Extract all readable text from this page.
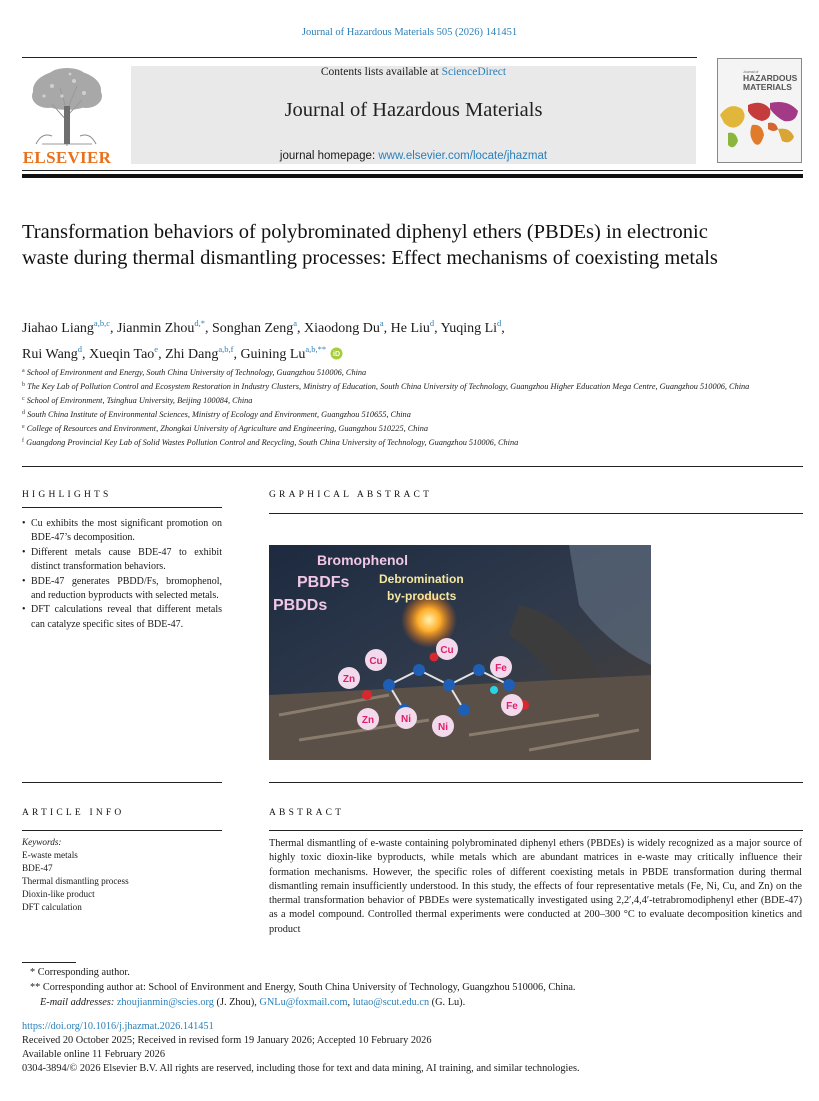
Journal of Hazardous Materials 505 (2026) 141451
ELSEVIER
Contents lists available at ScienceDirect
Journal of Hazardous Materials
journal homepage: www.elsevier.com/locate/jhazmat
Journal of
HAZARDOUS
MATERIALS
Transformation behaviors of polybrominated diphenyl ethers (PBDEs) in electronic waste during thermal dismantling processes: Effect mechanisms of coexisting metals
Jiahao Liang$^{a,b,c}$, Jianmin Zhou$^{d,*}$, Songhan Zeng$^a$, Xiaodong Du$^a$, He Liu$^d$, Yuqing Li$^d$,
Rui Wang$^d$, Xueqin Tao$^e$, Zhi Dang$^{a,b,f}$, Guining $Lu^{a,b,**}$
iD
$^a$ School of Environment and Energy, South China University of Technology, Guangzhou 510006, China
$^b$ The Key Lab of Pollution Control and Ecosystem Restoration in Industry Clusters, Ministry of Education, South China University of Technology, Guangzhou Higher Education Mega Centre, Guangzhou 510006, China
$^c$ School of Environment, Tsinghua University, Beijing 100084, China
$^d$ South China Institute of Environmental Sciences, Ministry of Ecology and Environment, Guangzhou 510655, China
$^e$ College of Resources and Environment, Zhongkai University of Agriculture and Engineering, Guangzhou 510225, China
$^f$ Guangdong Provincial Key Lab of Solid Wastes Pollution Control and Recycling, South China University of Technology, Guangzhou 510006, China
HIGHLIGHTS
• Cu exhibits the most significant promotion on BDE-47’s decomposition.
• Different metals cause BDE-47 to exhibit distinct transformation behaviors.
• BDE-47 generates PBDD/Fs, bromophenol, and reduction byproducts with selected metals.
• DFT calculations reveal that different metals can catalyze specific sites of BDE-47.
GRAPHICAL ABSTRACT
Bromophenol
PBDFs
PBDDs
Debromination
by-products
Cu
Cu
Zn
Zn
Fe
Fe
Ni
Ni
ARTICLE INFO
Keywords:
E-waste metals
BDE-47
Thermal dismantling process
Dioxin-like product
DFT calculation
ABSTRACT
Thermal dismantling of e-waste containing polybrominated diphenyl ethers (PBDEs) is widely recognized as a major source of highly toxic dioxin-like byproducts, while metals which are abundant matrices in e-waste may critically influence their formation mechanisms. However, the specific roles of different coexisting metals in PBDE transformation during thermal dismantling remain insufficiently understood. In this study, the effects of four representative metals (Fe, Ni, Cu, and Zn) on the thermal transformation behavior of PBDEs were systematically investigated using 2,2′,4,4′-tetrabromodiphenyl ether (BDE-47) as a model compound. Controlled thermal experiments were conducted at 200–300 °C to evaluate decomposition kinetics and product
* Corresponding author.
** Corresponding author at: School of Environment and Energy, South China University of Technology, Guangzhou 510006, China.
E-mail addresses: zhoujianmin@scies.org (J. Zhou), GNLu@foxmail.com, lutao@scut.edu.cn (G. Lu).
https://doi.org/10.1016/j.jhazmat.2026.141451
Received 20 October 2025; Received in revised form 19 January 2026; Accepted 10 February 2026
Available online 11 February 2026
0304-3894/© 2026 Elsevier B.V. All rights are reserved, including those for text and data mining, AI training, and similar technologies.
